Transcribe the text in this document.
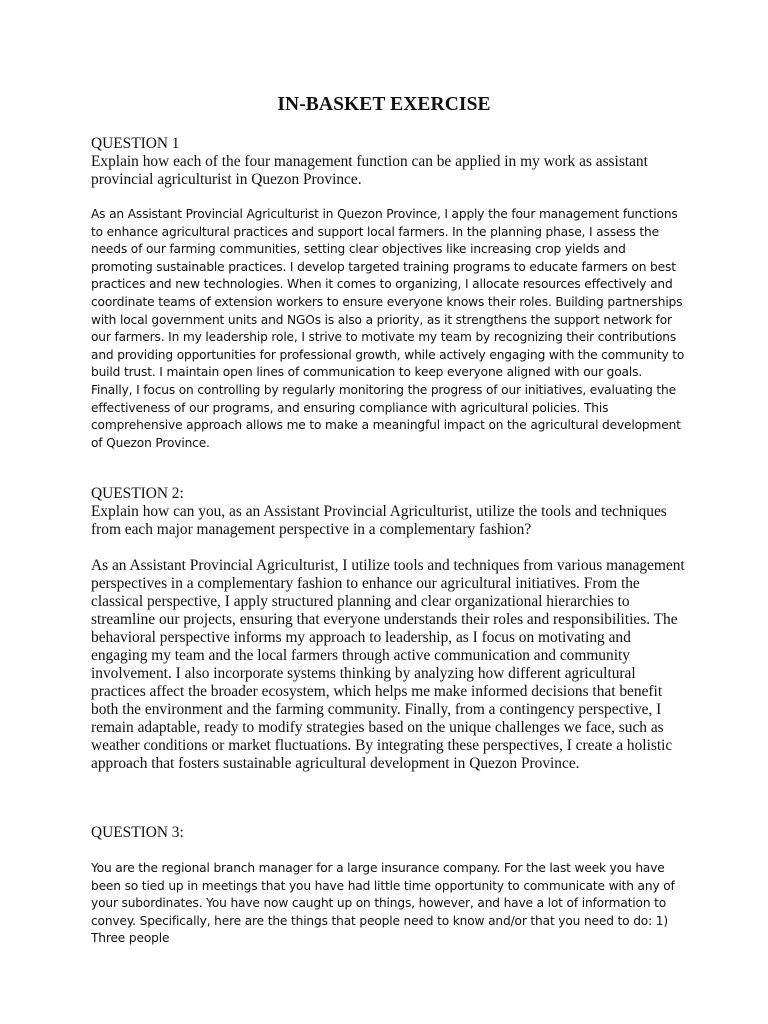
IN-BASKET EXERCISE
QUESTION 1
Explain how each of the four management function can be applied in my work as assistant provincial agriculturist in Quezon Province.
As an Assistant Provincial Agriculturist in Quezon Province, I apply the four management functions to enhance agricultural practices and support local farmers. In the planning phase, I assess the needs of our farming communities, setting clear objectives like increasing crop yields and promoting sustainable practices. I develop targeted training programs to educate farmers on best practices and new technologies. When it comes to organizing, I allocate resources effectively and coordinate teams of extension workers to ensure everyone knows their roles. Building partnerships with local government units and NGOs is also a priority, as it strengthens the support network for our farmers. In my leadership role, I strive to motivate my team by recognizing their contributions and providing opportunities for professional growth, while actively engaging with the community to build trust. I maintain open lines of communication to keep everyone aligned with our goals. Finally, I focus on controlling by regularly monitoring the progress of our initiatives, evaluating the effectiveness of our programs, and ensuring compliance with agricultural policies. This comprehensive approach allows me to make a meaningful impact on the agricultural development of Quezon Province.
QUESTION 2:
Explain how can you, as an Assistant Provincial Agriculturist, utilize the tools and techniques from each major management perspective in a complementary fashion?
As an Assistant Provincial Agriculturist, I utilize tools and techniques from various management perspectives in a complementary fashion to enhance our agricultural initiatives. From the classical perspective, I apply structured planning and clear organizational hierarchies to streamline our projects, ensuring that everyone understands their roles and responsibilities. The behavioral perspective informs my approach to leadership, as I focus on motivating and engaging my team and the local farmers through active communication and community involvement. I also incorporate systems thinking by analyzing how different agricultural practices affect the broader ecosystem, which helps me make informed decisions that benefit both the environment and the farming community. Finally, from a contingency perspective, I remain adaptable, ready to modify strategies based on the unique challenges we face, such as weather conditions or market fluctuations. By integrating these perspectives, I create a holistic approach that fosters sustainable agricultural development in Quezon Province.
QUESTION 3:
You are the regional branch manager for a large insurance company. For the last week you have been so tied up in meetings that you have had little time opportunity to communicate with any of your subordinates. You have now caught up on things, however, and have a lot of information to convey. Specifically, here are the things that people need to know and/or that you need to do: 1) Three people
